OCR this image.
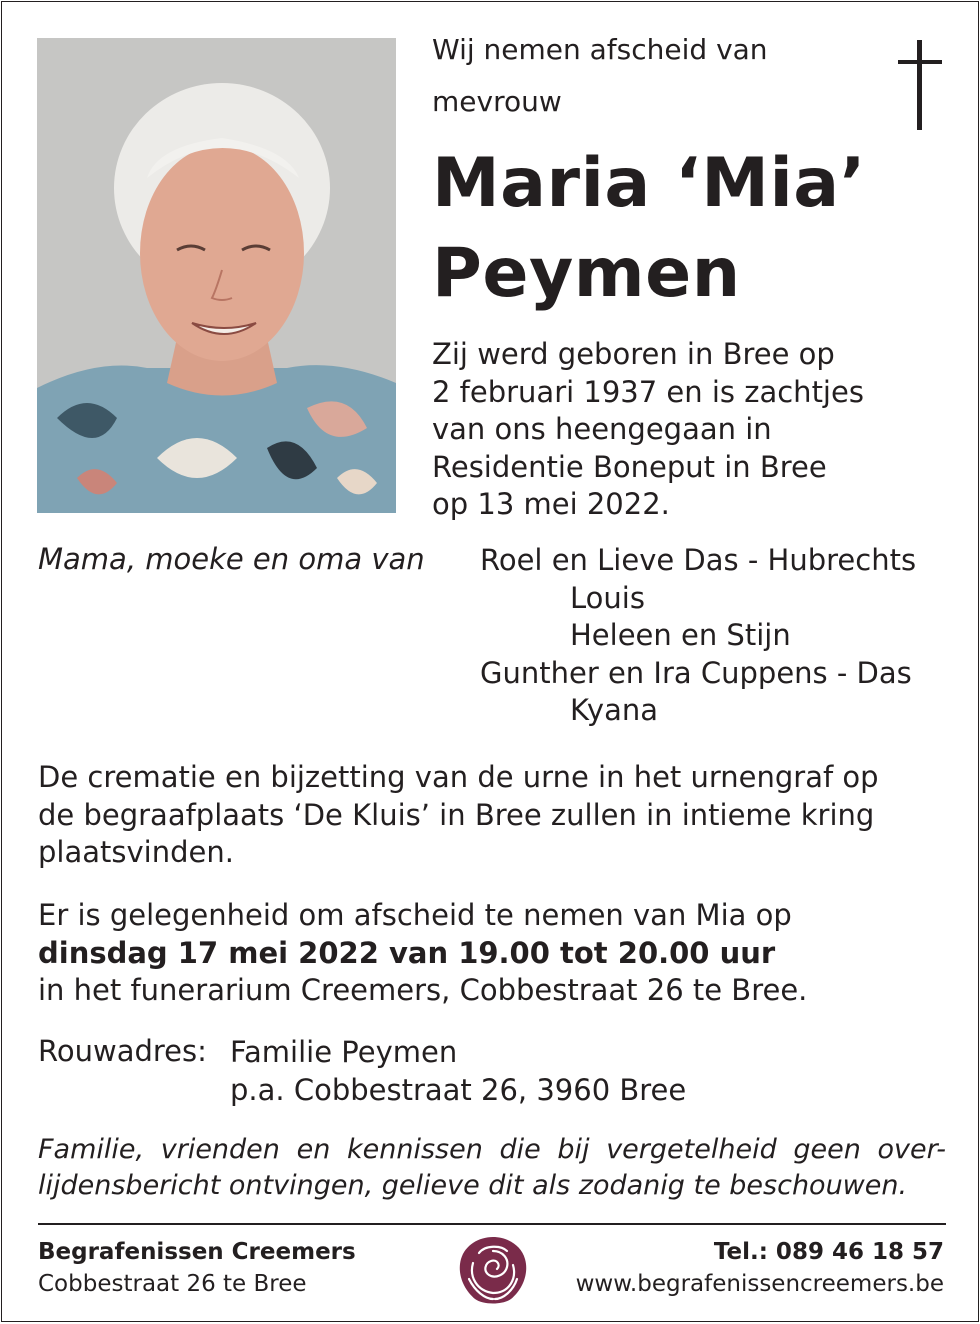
Wij nemen afscheid van
mevrouw
Maria ‘Mia’
Peymen
Zij werd geboren in Bree op
2 februari 1937 en is zachtjes
van ons heengegaan in
Residentie Boneput in Bree
op 13 mei 2022.
Mama, moeke en oma van Roel en Lieve Das - Hubrechts
Louis
Heleen en Stijn
Gunther en Ira Cuppens - Das
Kyana
De crematie en bijzetting van de urne in het urnengraf op
de begraafplaats ‘De Kluis’ in Bree zullen in intieme kring
plaatsvinden.
Er is gelegenheid om afscheid te nemen van Mia op
dinsdag 17 mei 2022 van 19.00 tot 20.00 uur
in het funerarium Creemers, Cobbestraat 26 te Bree.
Rouwadres: Familie Peymen
p.a. Cobbestraat 26, 3960 Bree
Familie, vrienden en kennissen die bij vergetelheid geen over-
lijdensbericht ontvingen, gelieve dit als zodanig te beschouwen.
Begrafenissen Creemers
Cobbestraat 26 te Bree
Tel.: 089 46 18 57
www.begrafenissencreemers.be
